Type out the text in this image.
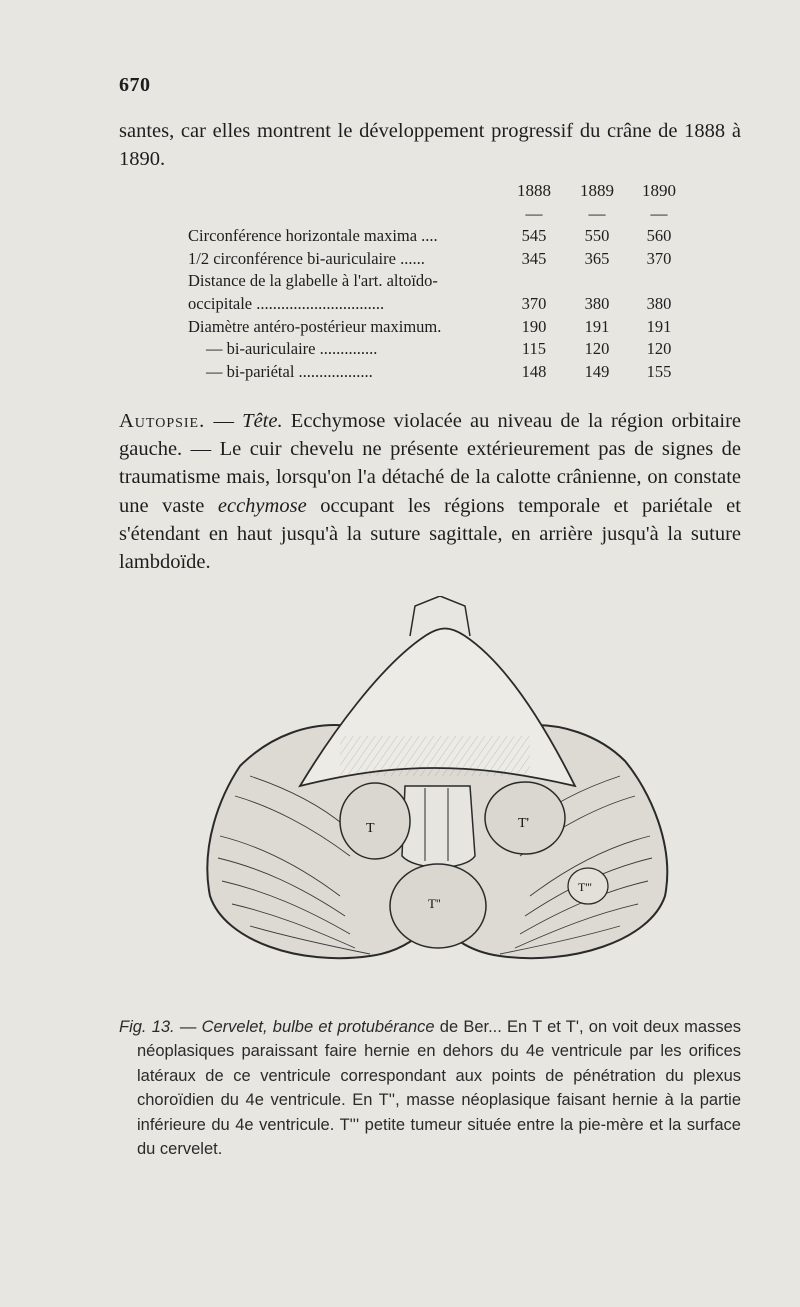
670

santes, car elles montrent le développement progressif du crâne de 1888 à 1890.

1888	1889	1890
—	—	—
Circonférence horizontale maxima ....	545	550	560
1/2 circonférence bi-auriculaire ......	345	365	370
Distance de la glabelle à l'art. altoïdo-
occipitale ...............................	370	380	380
Diamètre antéro-postérieur maximum.	190	191	191
— bi-auriculaire ..............	115	120	120
— bi-pariétal ..................	148	149	155

Autopsie. — Tête. Ecchymose violacée au niveau de la région orbitaire gauche. — Le cuir chevelu ne présente extérieurement pas de signes de traumatisme mais, lorsqu'on l'a détaché de la calotte crânienne, on constate une vaste ecchymose occupant les régions temporale et pariétale et s'étendant en haut jusqu'à la suture sagittale, en arrière jusqu'à la suture lambdoïde.

T	T'
T''
T'''

Fig. 13. — Cervelet, bulbe et protubérance de Ber... En T et T', on voit deux masses néoplasiques paraissant faire hernie en dehors du 4e ventricule par les orifices latéraux de ce ventricule correspondant aux points de pénétration du plexus choroïdien du 4e ventricule. En T'', masse néoplasique faisant hernie à la partie inférieure du 4e ventricule. T''' petite tumeur située entre la pie-mère et la surface du cervelet.
